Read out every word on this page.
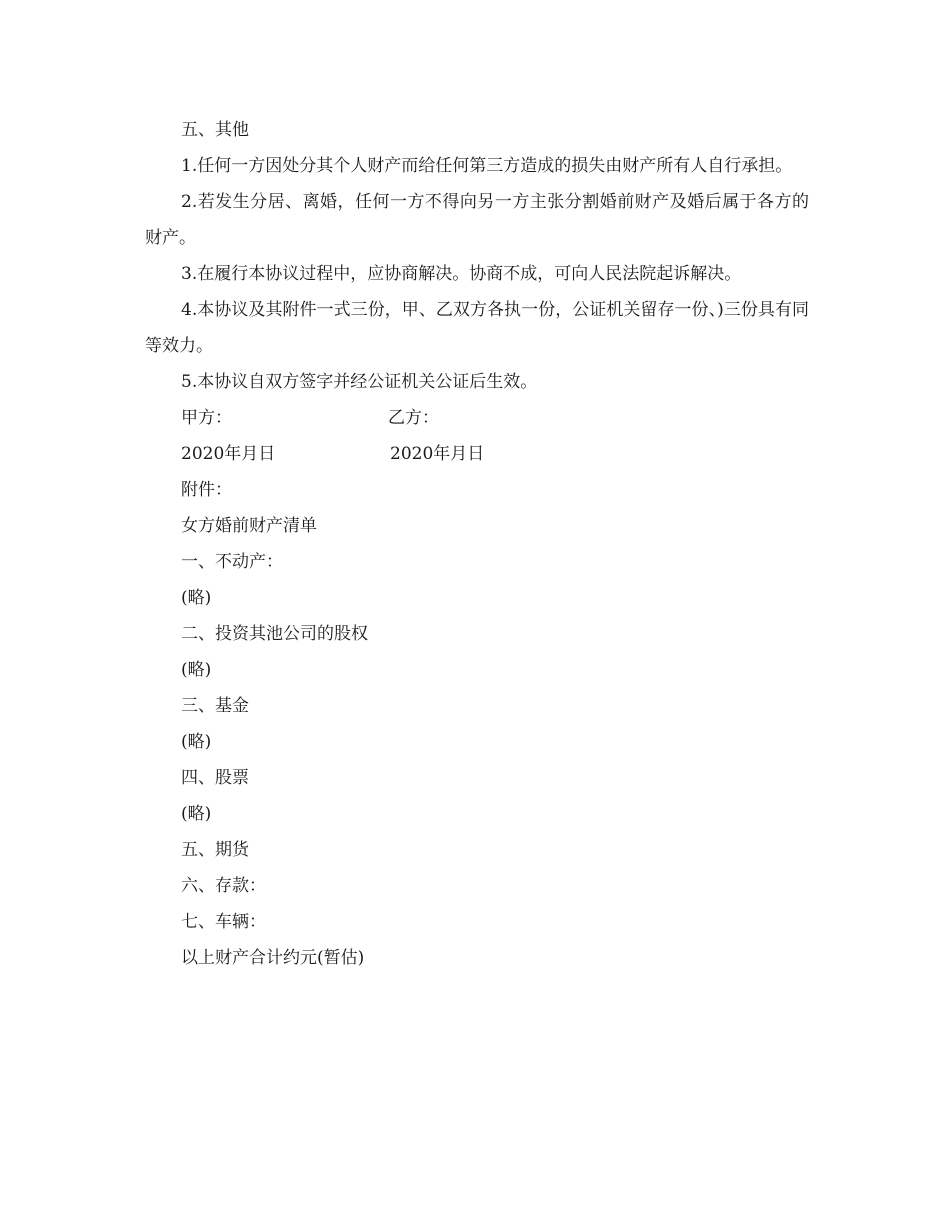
五、其他

1.任何一方因处分其个人财产而给任何第三方造成的损失由财产所有人自行承担。

2.若发生分居、离婚，任何一方不得向另一方主张分割婚前财产及婚后属于各方的财产。

3.在履行本协议过程中，应协商解决。协商不成，可向人民法院起诉解决。

4.本协议及其附件一式三份，甲、乙双方各执一份，公证机关留存一份、)三份具有同等效力。

5.本协议自双方签字并经公证机关公证后生效。

甲方：	乙方：
2020年月日	2020年月日

附件：

女方婚前财产清单

一、不动产：

(略)

二、投资其池公司的股权

(略)

三、基金

(略)

四、股票

(略)

五、期货

六、存款：

七、车辆：

以上财产合计约元(暂估)
